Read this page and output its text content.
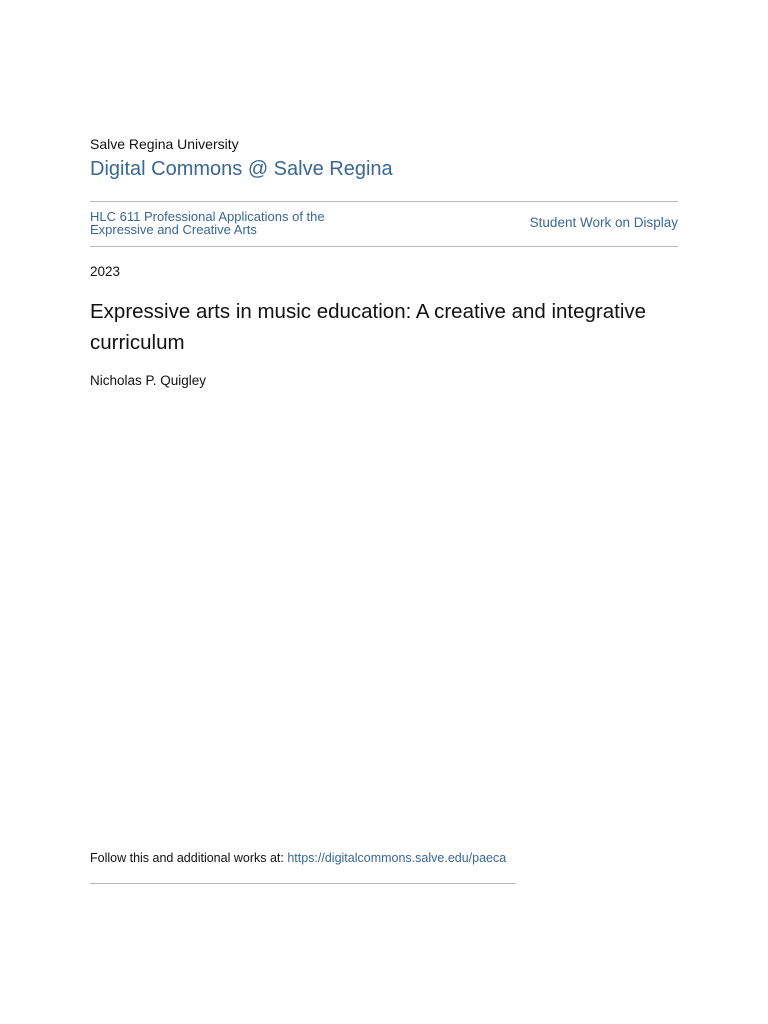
Salve Regina University
Digital Commons @ Salve Regina
HLC 611 Professional Applications of the Expressive and Creative Arts	Student Work on Display
2023
Expressive arts in music education: A creative and integrative curriculum
Nicholas P. Quigley
Follow this and additional works at: https://digitalcommons.salve.edu/paeca
